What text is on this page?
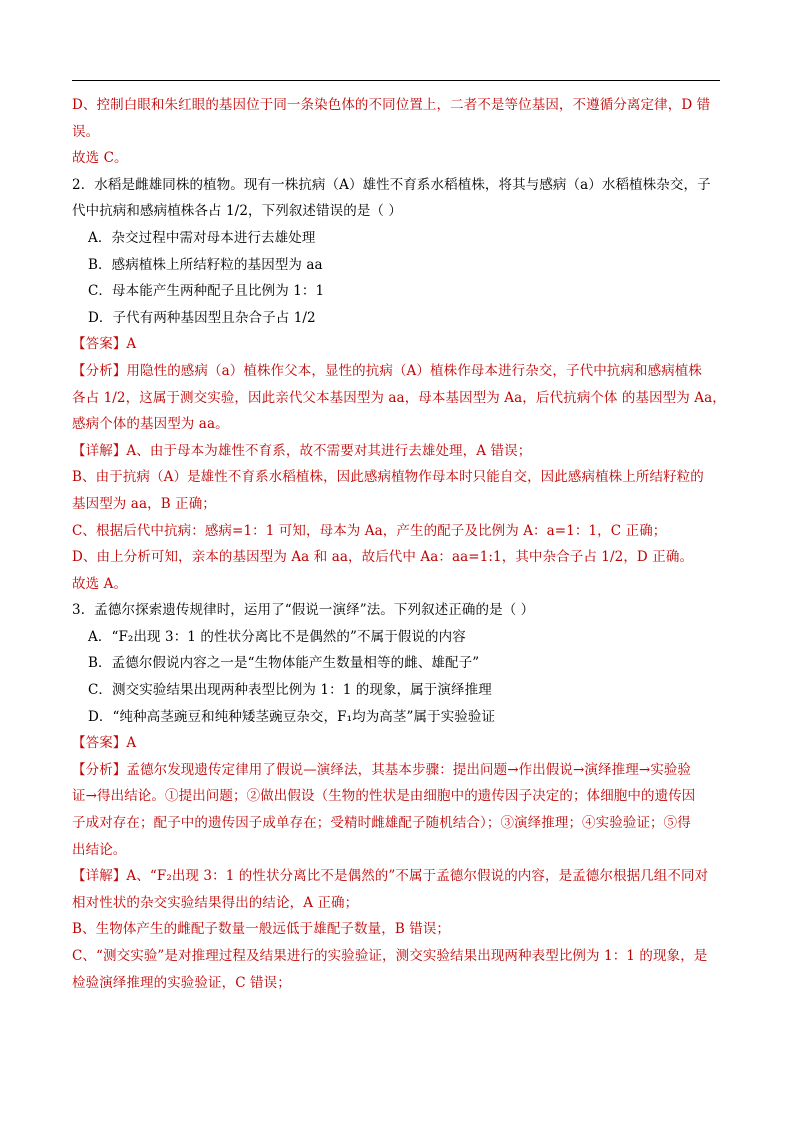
D、控制白眼和朱红眼的基因位于同一条染色体的不同位置上，二者不是等位基因，不遵循分离定律，D 错
误。
故选 C。
2．水稻是雌雄同株的植物。现有一株抗病（A）雄性不育系水稻植株，将其与感病（a）水稻植株杂交，子
代中抗病和感病植株各占 1/2，下列叙述错误的是（ ）
A．杂交过程中需对母本进行去雄处理
B．感病植株上所结籽粒的基因型为 aa
C．母本能产生两种配子且比例为 1：1
D．子代有两种基因型且杂合子占 1/2
【答案】A
【分析】用隐性的感病（a）植株作父本，显性的抗病（A）植株作母本进行杂交，子代中抗病和感病植株
各占 1/2，这属于测交实验，因此亲代父本基因型为 aa，母本基因型为 Aa，后代抗病个体 的基因型为 Aa，
感病个体的基因型为 aa。
【详解】A、由于母本为雄性不育系，故不需要对其进行去雄处理，A 错误；
B、由于抗病（A）是雄性不育系水稻植株，因此感病植物作母本时只能自交，因此感病植株上所结籽粒的
基因型为 aa，B 正确；
C、根据后代中抗病：感病=1：1 可知，母本为 Aa，产生的配子及比例为 A：a=1：1，C 正确；
D、由上分析可知，亲本的基因型为 Aa 和 aa，故后代中 Aa：aa=1:1，其中杂合子占 1/2，D 正确。
故选 A。
3．孟德尔探索遗传规律时，运用了“假说一演绎”法。下列叙述正确的是（ ）
A．“F₂出现 3：1 的性状分离比不是偶然的”不属于假说的内容
B．孟德尔假说内容之一是“生物体能产生数量相等的雌、雄配子”
C．测交实验结果出现两种表型比例为 1：1 的现象，属于演绎推理
D．“纯种高茎豌豆和纯种矮茎豌豆杂交，F₁均为高茎”属于实验验证
【答案】A
【分析】孟德尔发现遗传定律用了假说—演绎法，其基本步骤：提出问题→作出假说→演绎推理→实验验
证→得出结论。①提出问题；②做出假设（生物的性状是由细胞中的遗传因子决定的；体细胞中的遗传因
子成对存在；配子中的遗传因子成单存在；受精时雌雄配子随机结合）；③演绎推理；④实验验证；⑤得
出结论。
【详解】A、“F₂出现 3：1 的性状分离比不是偶然的”不属于孟德尔假说的内容，是孟德尔根据几组不同对
相对性状的杂交实验结果得出的结论，A 正确；
B、生物体产生的雌配子数量一般远低于雄配子数量，B 错误；
C、“测交实验”是对推理过程及结果进行的实验验证，测交实验结果出现两种表型比例为 1：1 的现象，是
检验演绎推理的实验验证，C 错误；
